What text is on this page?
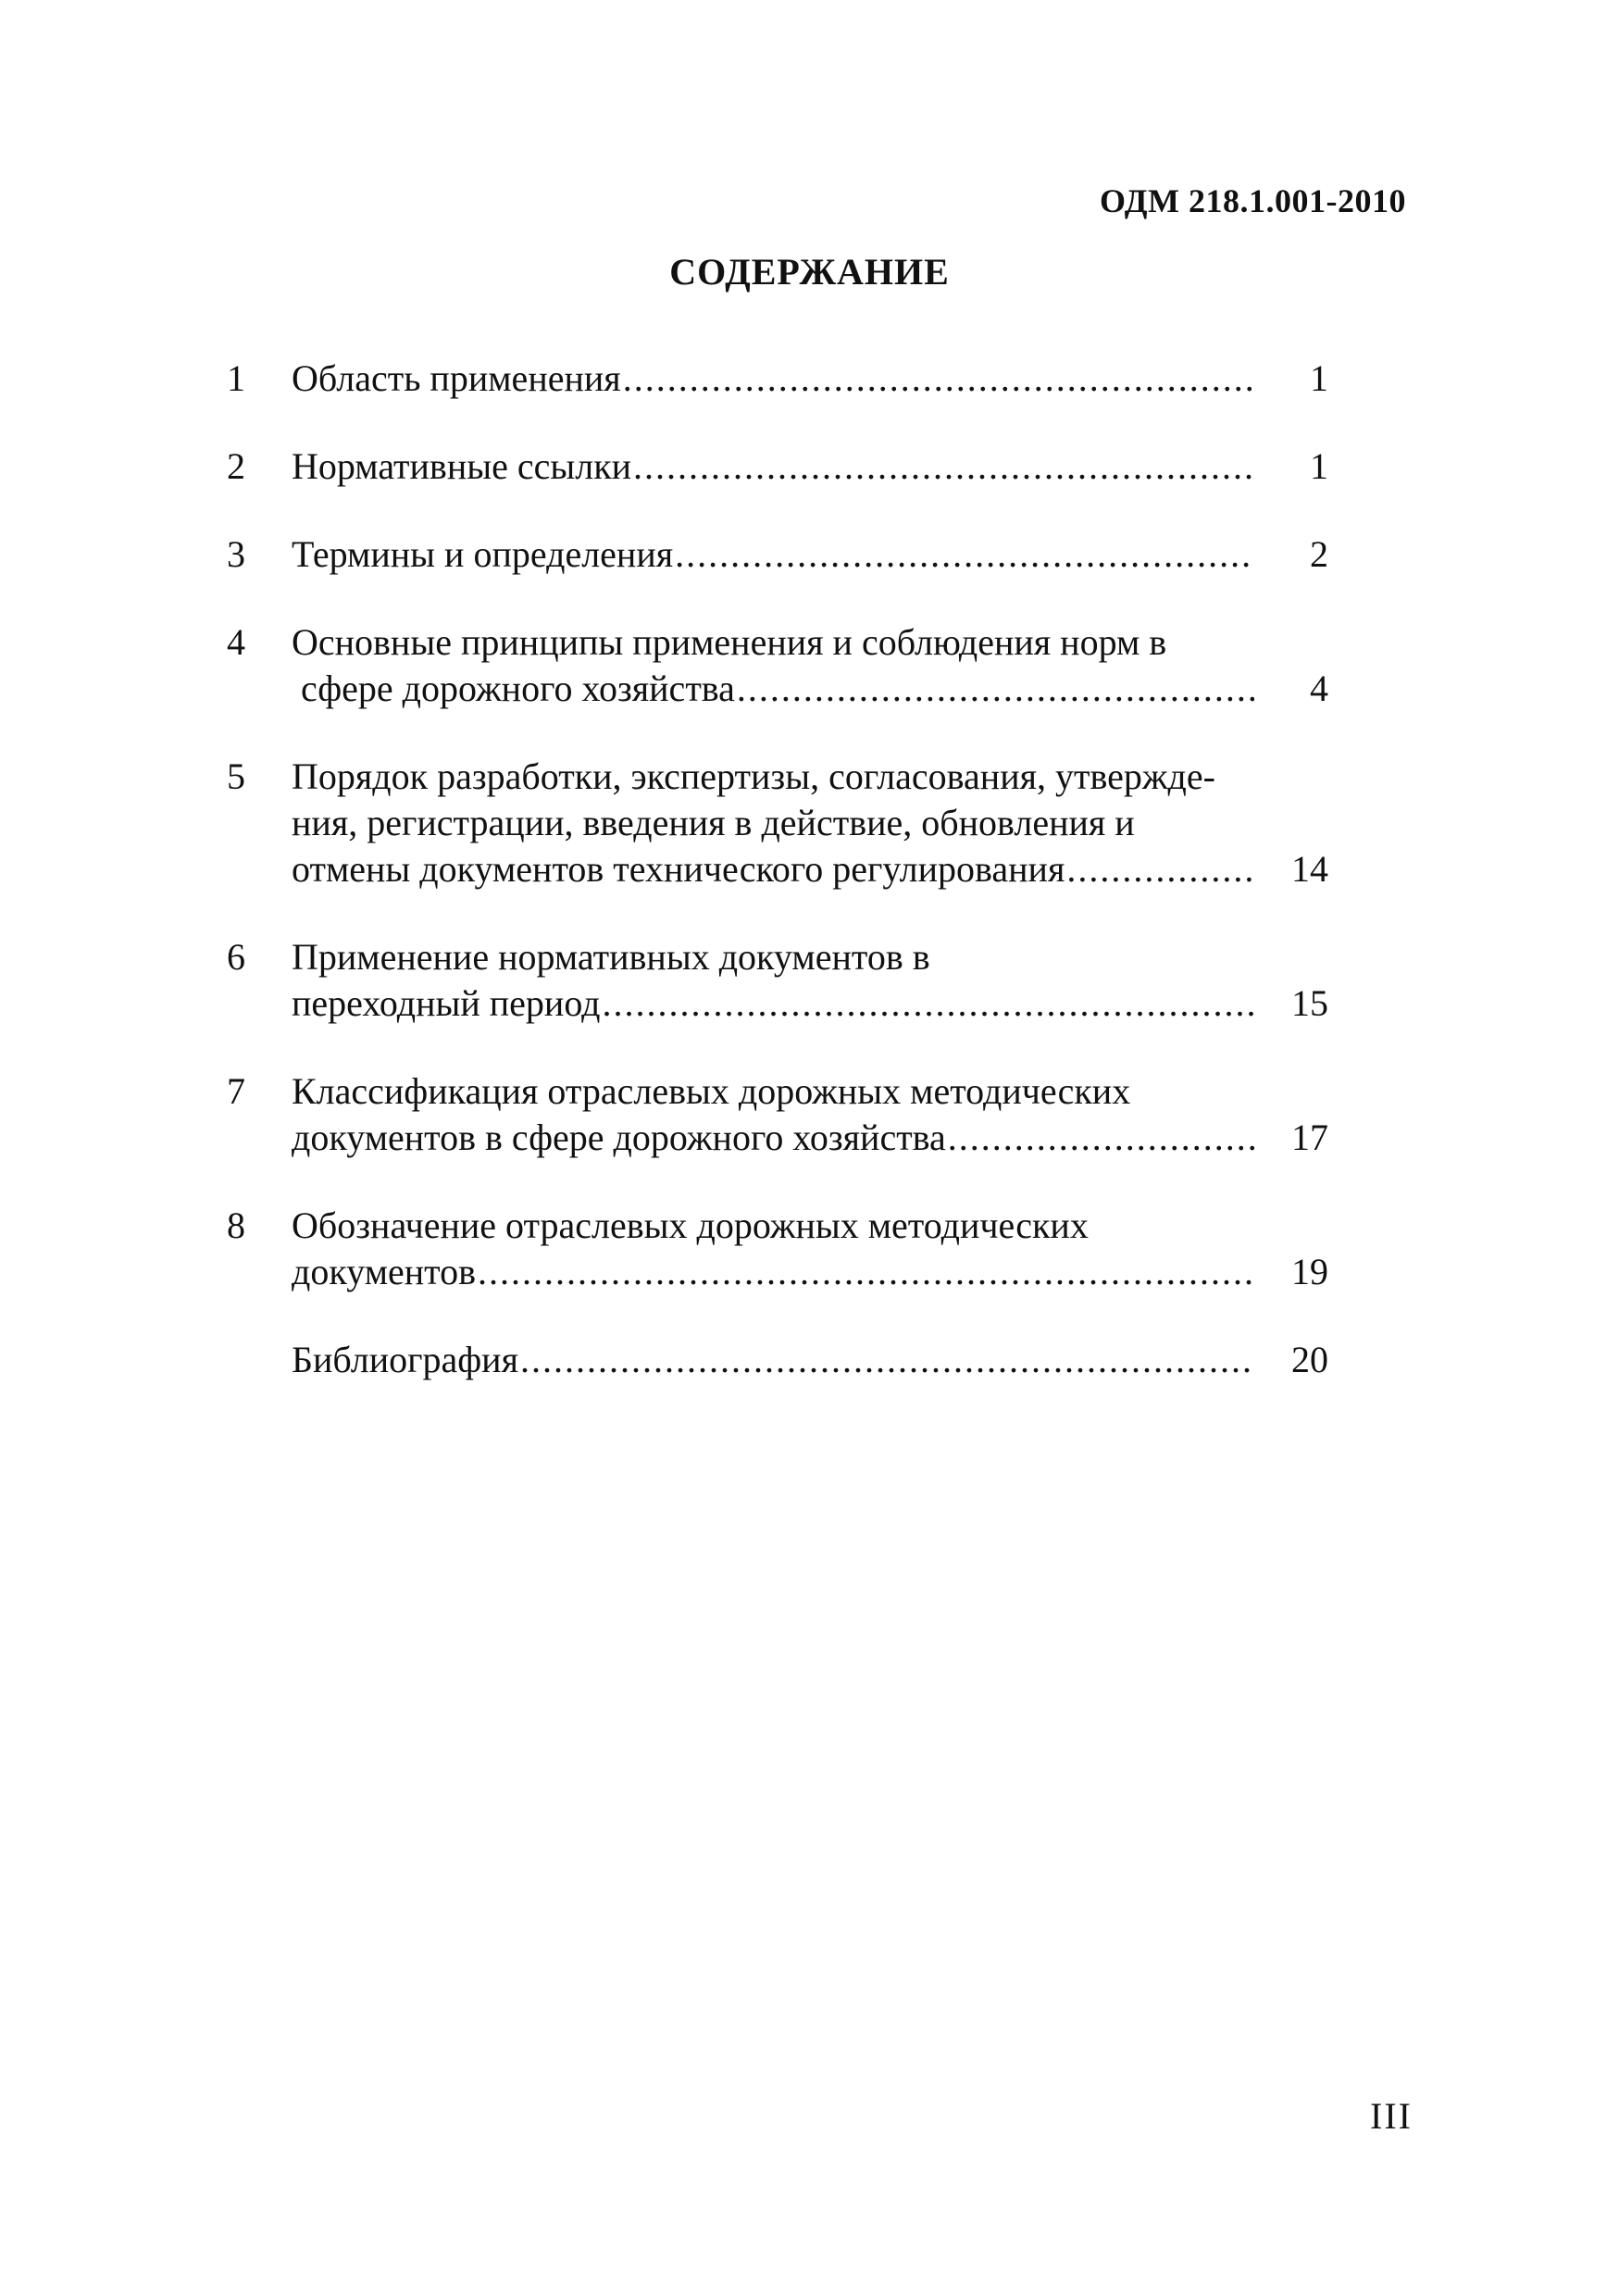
ОДМ 218.1.001-2010
СОДЕРЖАНИЕ
1	Область применения .....	1
2	Нормативные ссылки .....	1
3	Термины и определения .....	2
4	Основные принципы применения и соблюдения норм в
сферe дорожного хозяйства .....	4
5	Порядок разработки, экспертизы, согласования, утвержде-
ния, регистрации, введения в действие, обновления и
отмены документов технического регулирования .....	14
6	Применение нормативных документов в
переходный период .....	15
7	Классификация отраслевых дорожных методических
документов в сфере дорожного хозяйства .....	17
8	Обозначение отраслевых дорожных методических
документов .....	19
Библиография .....	20
III
